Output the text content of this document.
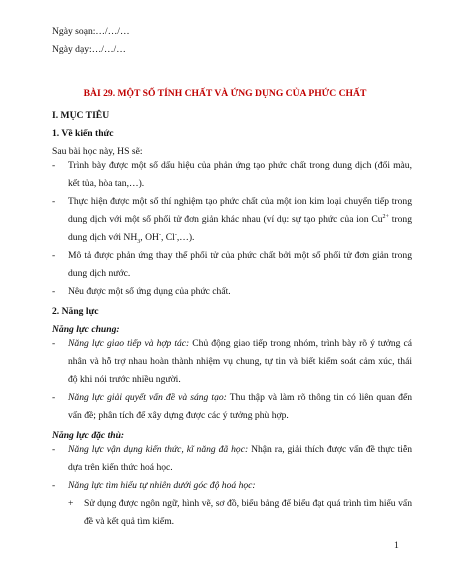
Ngày soạn:…/…/…
Ngày dạy:…/…/…
BÀI 29. MỘT SỐ TÍNH CHẤT VÀ ỨNG DỤNG CỦA PHỨC CHẤT
I. MỤC TIÊU
1. Về kiến thức
Sau bài học này, HS sẽ:
- Trình bày được một số dấu hiệu của phản ứng tạo phức chất trong dung dịch (đổi màu, kết tủa, hòa tan,…).
- Thực hiện được một số thí nghiệm tạo phức chất của một ion kim loại chuyển tiếp trong dung dịch với một số phối tử đơn giản khác nhau (ví dụ: sự tạo phức của ion $Cu^{2+}$ trong dung dịch với $NH_3$, OH-, Cl-,…).
- Mô tả được phản ứng thay thế phối tử của phức chất bởi một số phối tử đơn giản trong dung dịch nước.
- Nêu được một số ứng dụng của phức chất.
2. Năng lực
Năng lực chung:
- Năng lực giao tiếp và hợp tác: Chủ động giao tiếp trong nhóm, trình bày rõ ý tưởng cá nhân và hỗ trợ nhau hoàn thành nhiệm vụ chung, tự tin và biết kiểm soát cảm xúc, thái độ khi nói trước nhiều người.
- Năng lực giải quyết vấn đề và sáng tạo: Thu thập và làm rõ thông tin có liên quan đến vấn đề; phân tích để xây dựng được các ý tưởng phù hợp.
Năng lực đặc thù:
- Năng lực vận dụng kiến thức, kĩ năng đã học: Nhận ra, giải thích được vấn đề thực tiễn dựa trên kiến thức hoá học.
- Năng lực tìm hiểu tự nhiên dưới góc độ hoá học:
+ Sử dụng được ngôn ngữ, hình vẽ, sơ đồ, biểu bảng để biểu đạt quá trình tìm hiểu vấn đề và kết quả tìm kiếm.
1
